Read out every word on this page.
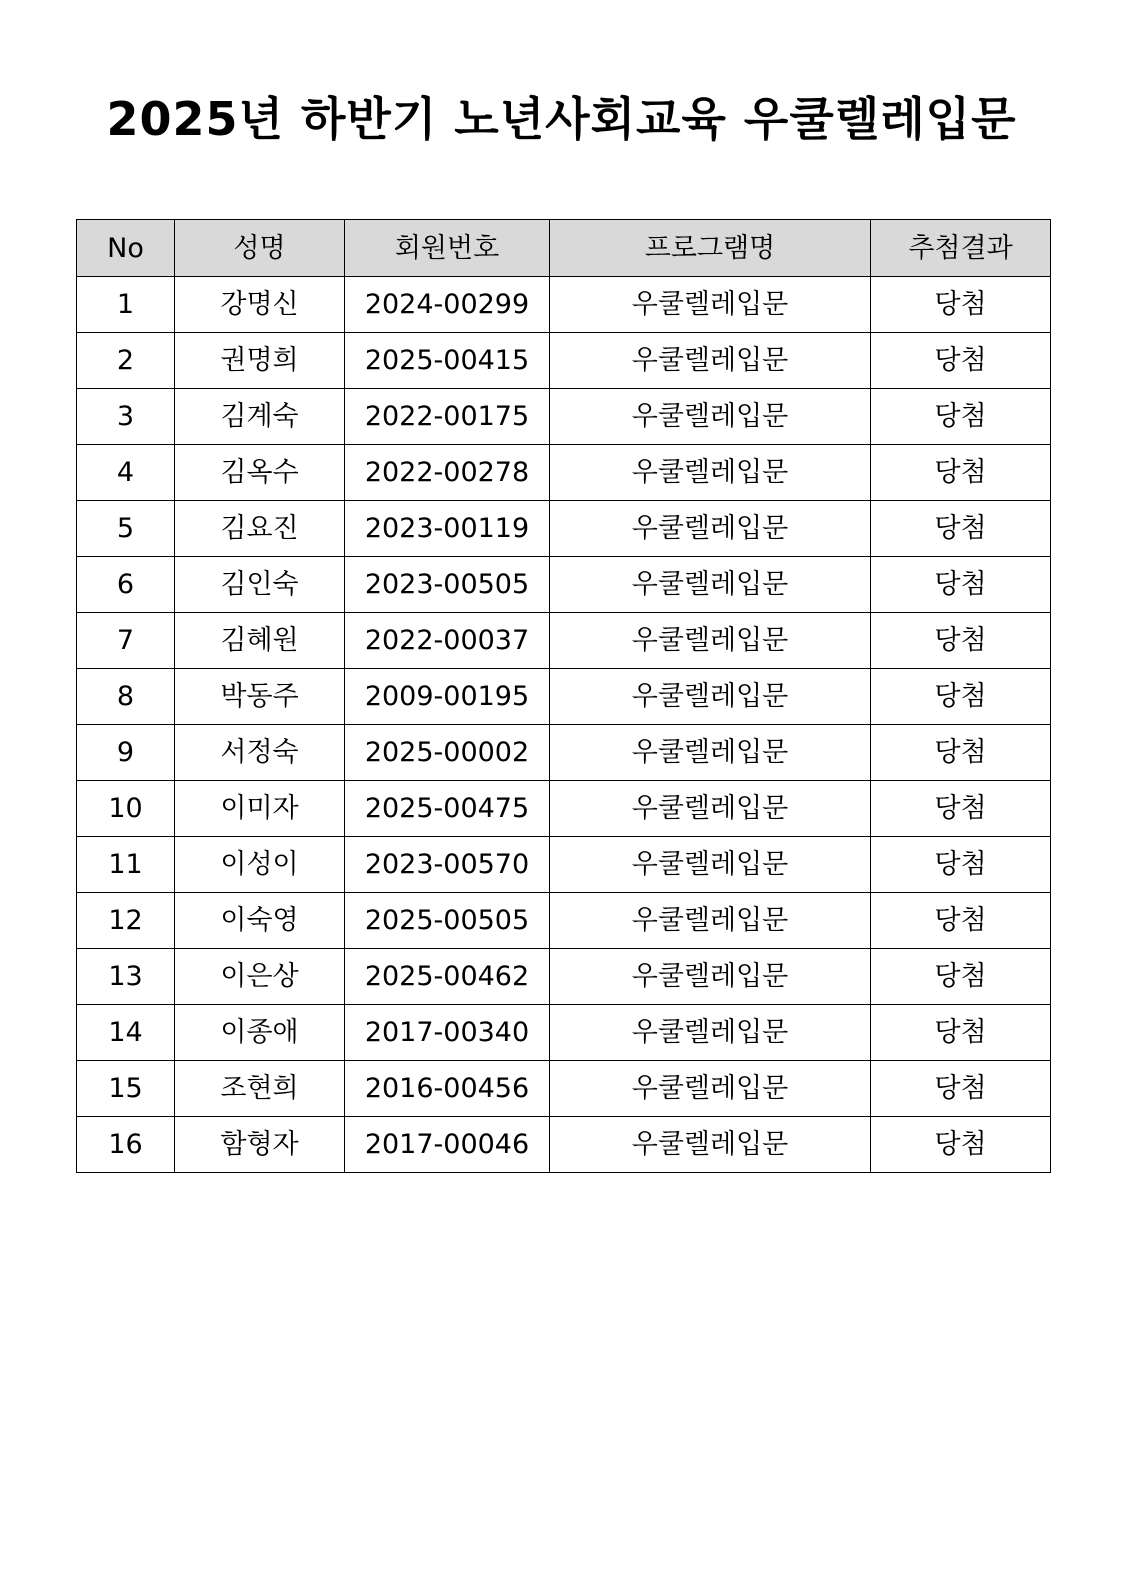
2025년 하반기 노년사회교육 우쿨렐레입문
No	성명	회원번호	프로그램명	추첨결과
1	강명신	2024-00299	우쿨렐레입문	당첨
2	권명희	2025-00415	우쿨렐레입문	당첨
3	김계숙	2022-00175	우쿨렐레입문	당첨
4	김옥수	2022-00278	우쿨렐레입문	당첨
5	김요진	2023-00119	우쿨렐레입문	당첨
6	김인숙	2023-00505	우쿨렐레입문	당첨
7	김혜원	2022-00037	우쿨렐레입문	당첨
8	박동주	2009-00195	우쿨렐레입문	당첨
9	서정숙	2025-00002	우쿨렐레입문	당첨
10	이미자	2025-00475	우쿨렐레입문	당첨
11	이성이	2023-00570	우쿨렐레입문	당첨
12	이숙영	2025-00505	우쿨렐레입문	당첨
13	이은상	2025-00462	우쿨렐레입문	당첨
14	이종애	2017-00340	우쿨렐레입문	당첨
15	조현희	2016-00456	우쿨렐레입문	당첨
16	함형자	2017-00046	우쿨렐레입문	당첨
